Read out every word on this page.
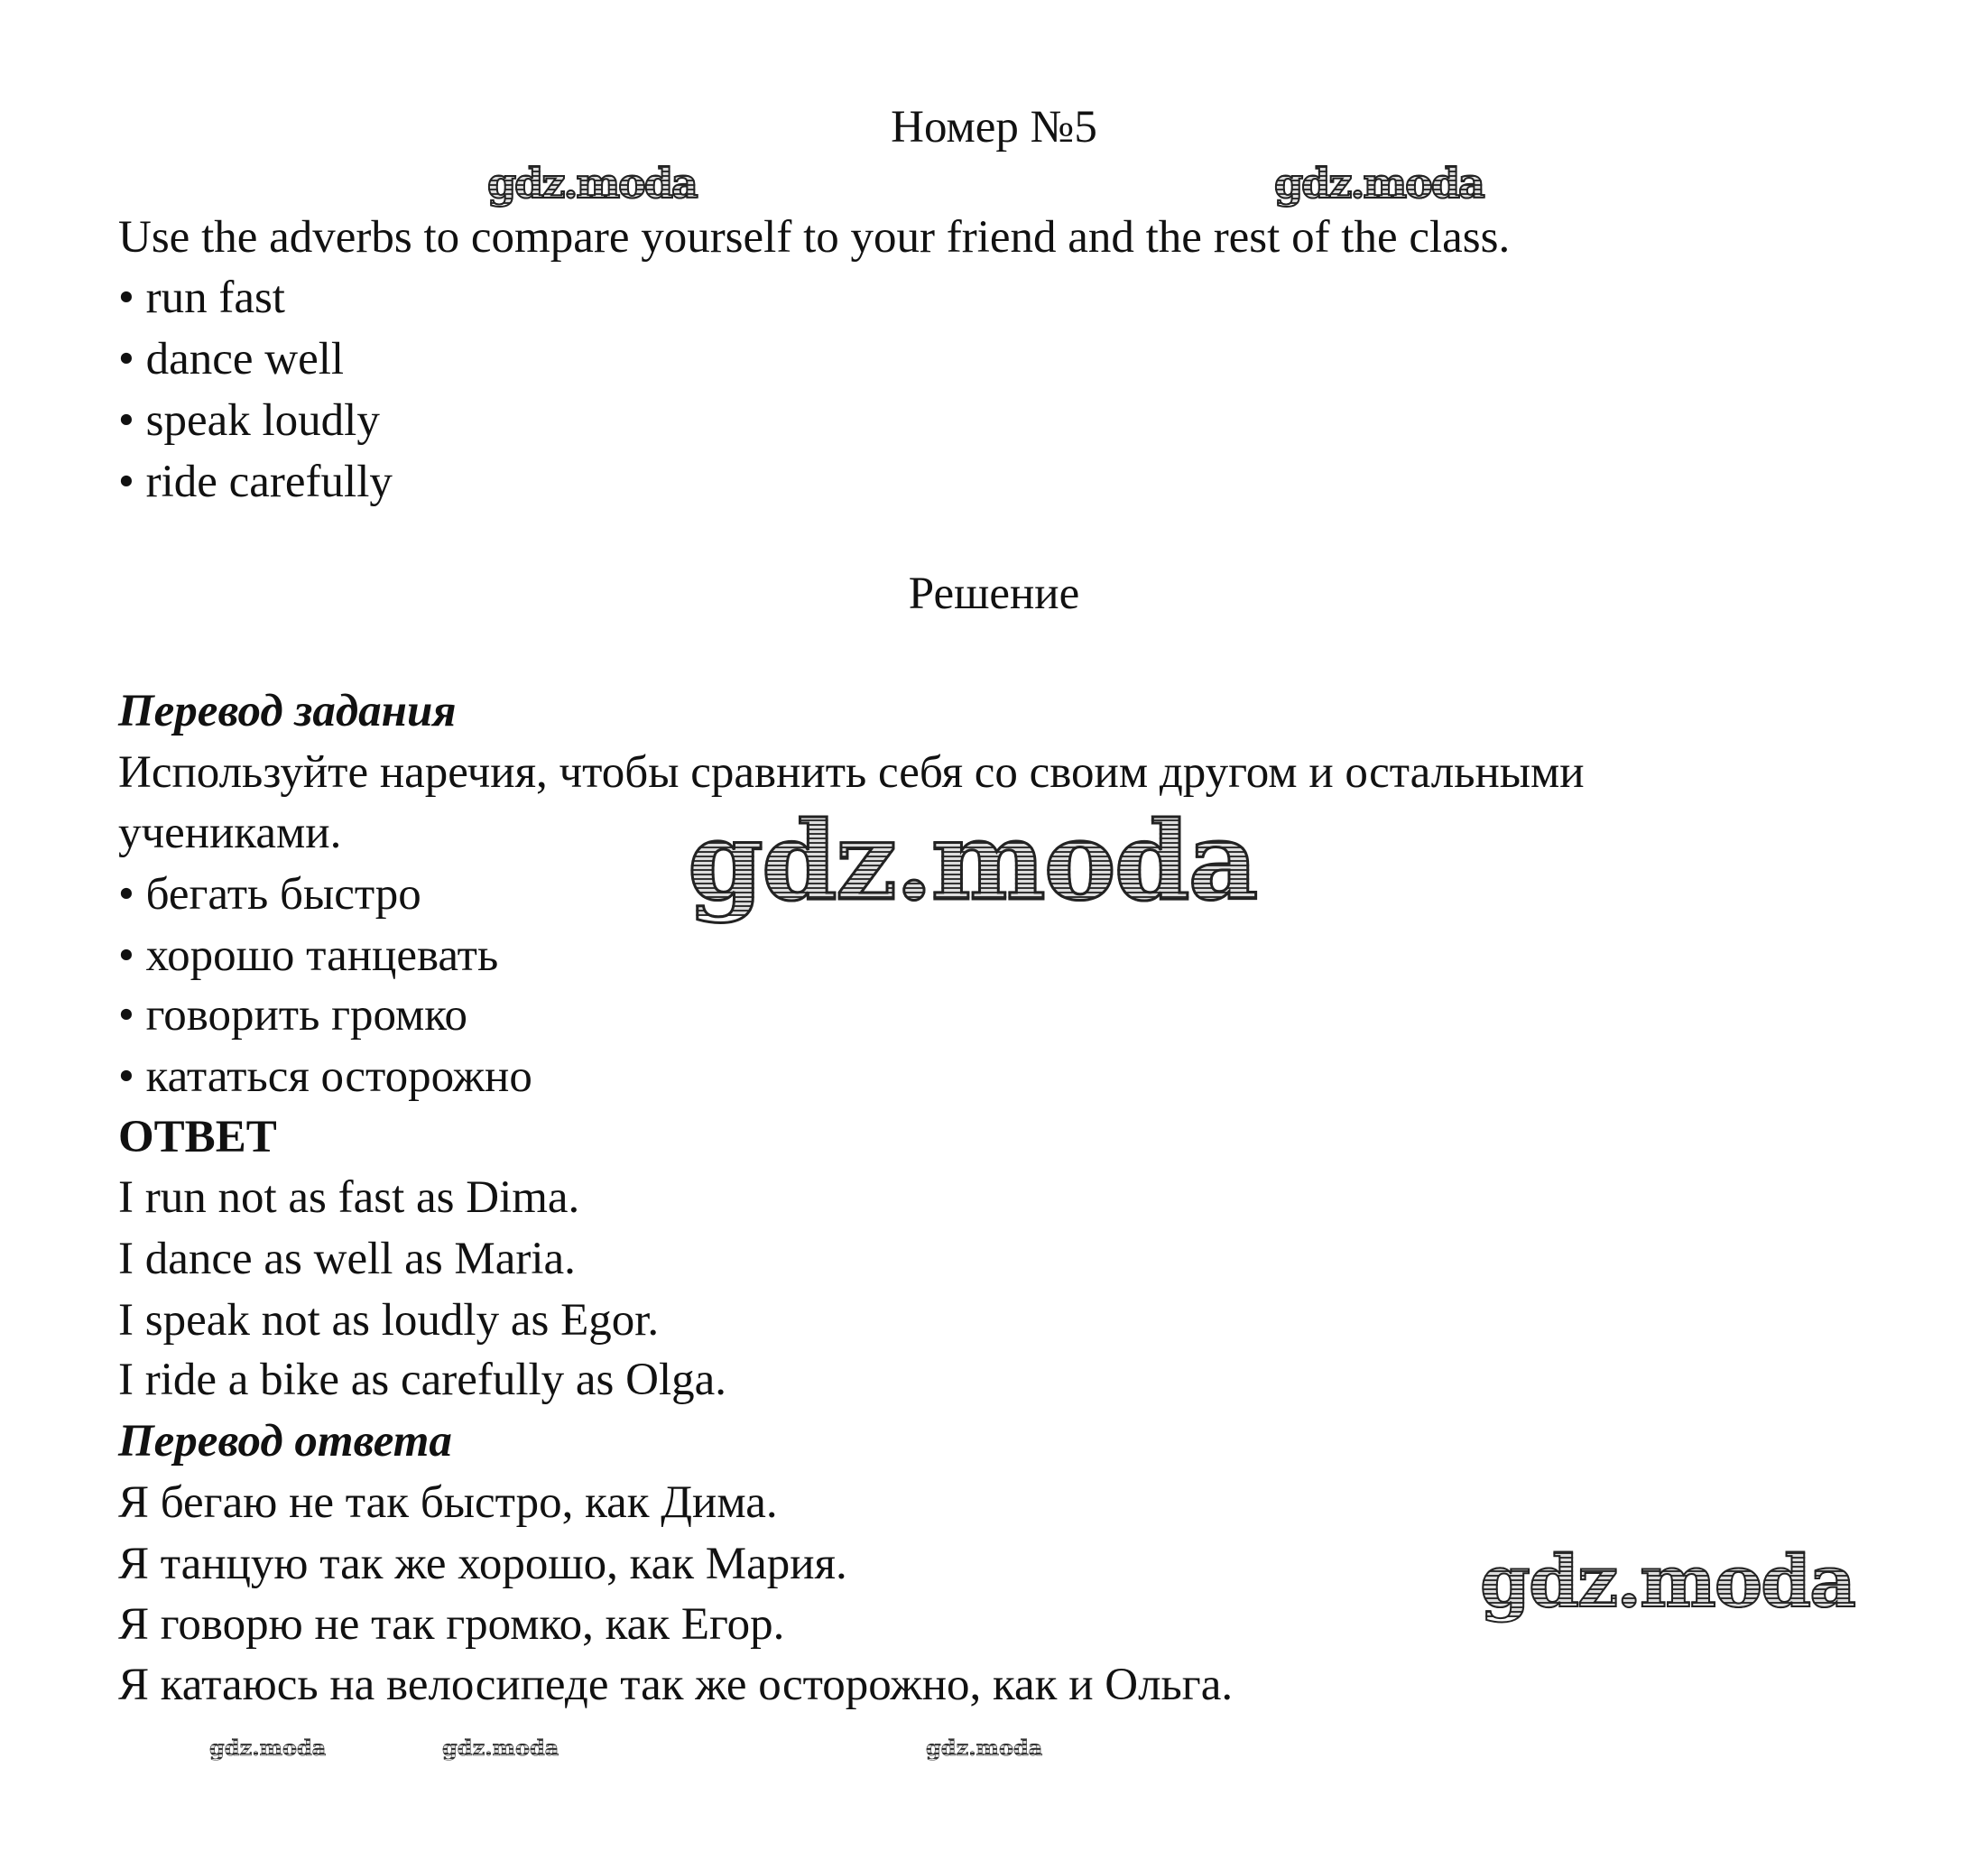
Номер №5
Use the adverbs to compare yourself to your friend and the rest of the class.
• run fast
• dance well
• speak loudly
• ride carefully
Решение
Перевод задания
Используйте наречия, чтобы сравнить себя со своим другом и остальными
учениками.
• бегать быстро
• хорошо танцевать
• говорить громко
• кататься осторожно
ОТВЕТ
I run not as fast as Dima.
I dance as well as Maria.
I speak not as loudly as Egor.
I ride a bike as carefully as Olga.
Перевод ответа
Я бегаю не так быстро, как Дима.
Я танцую так же хорошо, как Мария.
Я говорю не так громко, как Егор.
Я катаюсь на велосипеде так же осторожно, как и Ольга.
gdz.moda	gdz.moda
gdz.moda
gdz.moda
gdz.moda	gdz.moda	gdz.moda
